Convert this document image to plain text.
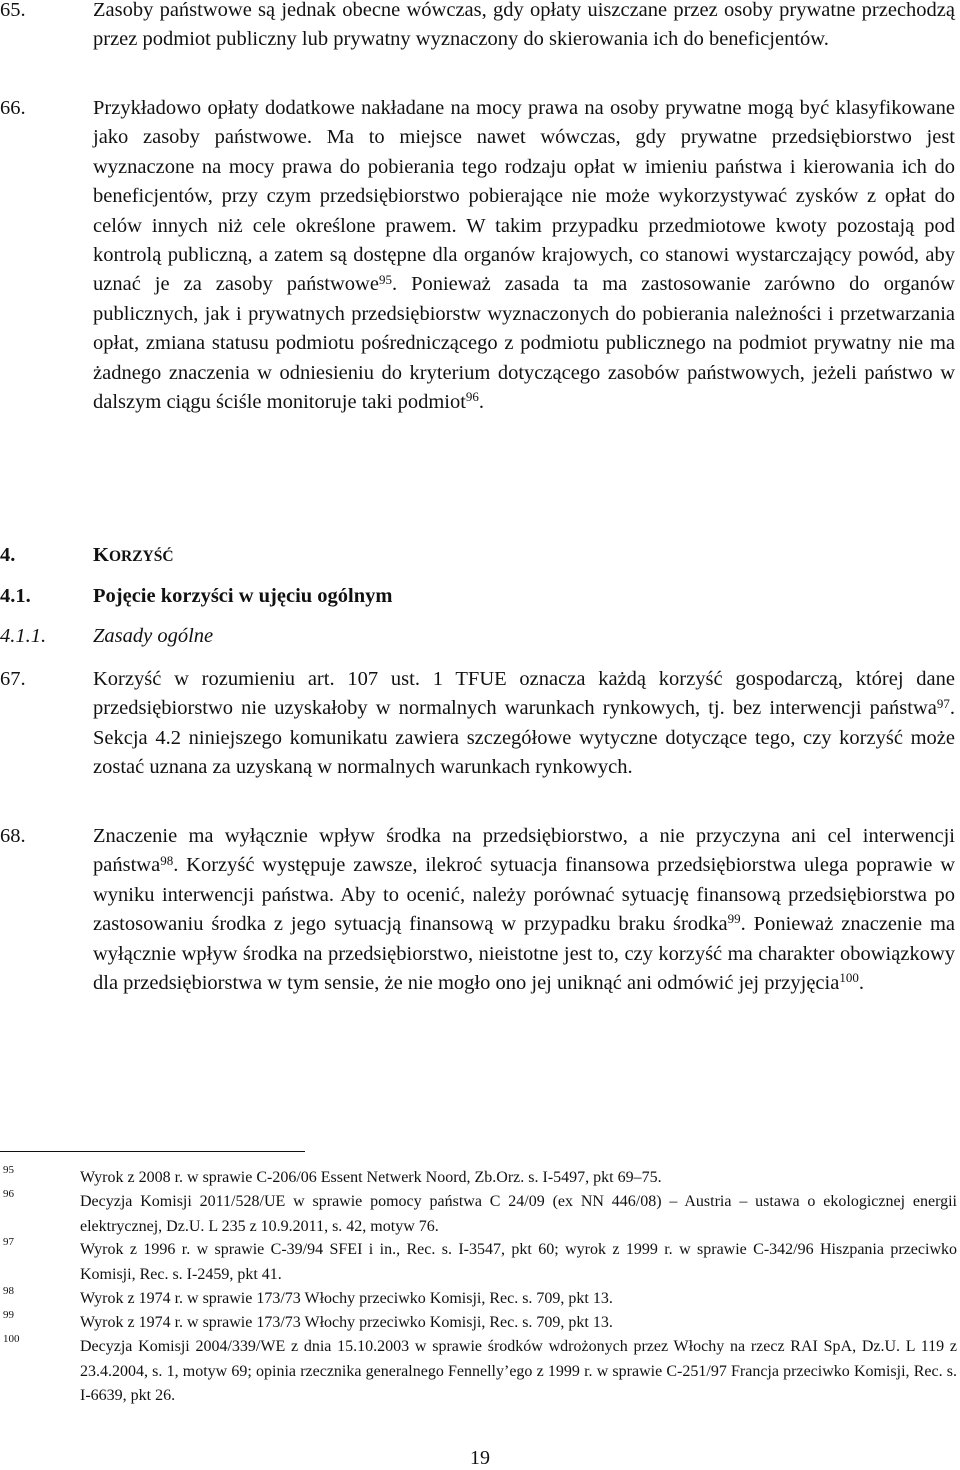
65.	Zasoby państwowe są jednak obecne wówczas, gdy opłaty uiszczane przez osoby prywatne przechodzą przez podmiot publiczny lub prywatny wyznaczony do skierowania ich do beneficjentów.
66.	Przykładowo opłaty dodatkowe nakładane na mocy prawa na osoby prywatne mogą być klasyfikowane jako zasoby państwowe. Ma to miejsce nawet wówczas, gdy prywatne przedsiębiorstwo jest wyznaczone na mocy prawa do pobierania tego rodzaju opłat w imieniu państwa i kierowania ich do beneficjentów, przy czym przedsiębiorstwo pobierające nie może wykorzystywać zysków z opłat do celów innych niż cele określone prawem. W takim przypadku przedmiotowe kwoty pozostają pod kontrolą publiczną, a zatem są dostępne dla organów krajowych, co stanowi wystarczający powód, aby uznać je za zasoby państwowe$^{95}$. Ponieważ zasada ta ma zastosowanie zarówno do organów publicznych, jak i prywatnych przedsiębiorstw wyznaczonych do pobierania należności i przetwarzania opłat, zmiana statusu podmiotu pośredniczącego z podmiotu publicznego na podmiot prywatny nie ma żadnego znaczenia w odniesieniu do kryterium dotyczącego zasobów państwowych, jeżeli państwo w dalszym ciągu ściśle monitoruje taki podmiot$^{96}$.
4.	KORZYŚĆ
4.1.	Pojęcie korzyści w ujęciu ogólnym
4.1.1. Zasady ogólne
67.	Korzyść w rozumieniu art. 107 ust. 1 TFUE oznacza każdą korzyść gospodarczą, której dane przedsiębiorstwo nie uzyskałoby w normalnych warunkach rynkowych, tj. bez interwencji państwa$^{97}$. Sekcja 4.2 niniejszego komunikatu zawiera szczegółowe wytyczne dotyczące tego, czy korzyść może zostać uznana za uzyskaną w normalnych warunkach rynkowych.
68.	Znaczenie ma wyłącznie wpływ środka na przedsiębiorstwo, a nie przyczyna ani cel interwencji państwa$^{98}$. Korzyść występuje zawsze, ilekroć sytuacja finansowa przedsiębiorstwa ulega poprawie w wyniku interwencji państwa. Aby to ocenić, należy porównać sytuację finansową przedsiębiorstwa po zastosowaniu środka z jego sytuacją finansową w przypadku braku środka$^{99}$. Ponieważ znaczenie ma wyłącznie wpływ środka na przedsiębiorstwo, nieistotne jest to, czy korzyść ma charakter obowiązkowy dla przedsiębiorstwa w tym sensie, że nie mogło ono jej uniknąć ani odmówić jej przyjęcia$^{100}$.
95	Wyrok z 2008 r. w sprawie C-206/06 Essent Netwerk Noord, Zb.Orz. s. I-5497, pkt 69–75.
96	Decyzja Komisji 2011/528/UE w sprawie pomocy państwa C 24/09 (ex NN 446/08) – Austria – ustawa o ekologicznej energii elektrycznej, Dz.U. L 235 z 10.9.2011, s. 42, motyw 76.
97	Wyrok z 1996 r. w sprawie C-39/94 SFEI i in., Rec. s. I-3547, pkt 60; wyrok z 1999 r. w sprawie C-342/96 Hiszpania przeciwko Komisji, Rec. s. I-2459, pkt 41.
98	Wyrok z 1974 r. w sprawie 173/73 Włochy przeciwko Komisji, Rec. s. 709, pkt 13.
99	Wyrok z 1974 r. w sprawie 173/73 Włochy przeciwko Komisji, Rec. s. 709, pkt 13.
100	Decyzja Komisji 2004/339/WE z dnia 15.10.2003 w sprawie środków wdrożonych przez Włochy na rzecz RAI SpA, Dz.U. L 119 z 23.4.2004, s. 1, motyw 69; opinia rzecznika generalnego Fennelly’ego z 1999 r. w sprawie C-251/97 Francja przeciwko Komisji, Rec. s. I-6639, pkt 26.
19
